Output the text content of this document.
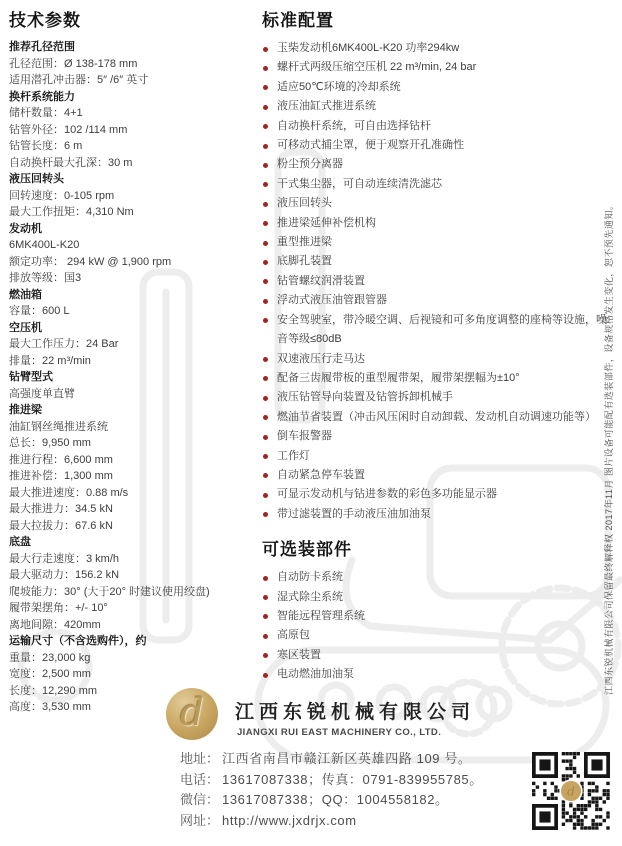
技术参数
推荐孔径范围
孔径范围：Ø 138-178 mm
适用潜孔冲击器：5″ /6″ 英寸
换杆系统能力
储杆数量：4+1
钻管外径：102 /114 mm
钻管长度：6 m
自动换杆最大孔深：30 m
液压回转头
回转速度：0-105 rpm
最大工作扭矩：4,310 Nm
发动机
6MK400L-K20
额定功率： 294 kW @ 1,900 rpm
排放等级：国3
燃油箱
容量：600 L
空压机
最大工作压力：24 Bar
排量：22 m³/min
钻臂型式
高强度单直臂
推进梁
油缸钢丝绳推进系统
总长：9,950 mm
推进行程：6,600 mm
推进补偿：1,300 mm
最大推进速度：0.88 m/s
最大推进力：34.5 kN
最大拉拔力：67.6 kN
底盘
最大行走速度：3 km/h
最大驱动力：156.2 kN
爬坡能力：30° (大于20° 时建议使用绞盘)
履带架摆角：+/- 10°
离地间隙：420mm
运输尺寸（不含选购件），约
重量：23,000 kg
宽度：2,500 mm
长度：12,290 mm
高度：3,530 mm
标准配置
玉柴发动机6MK400L-K20 功率294kw
螺杆式两级压缩空压机 22 m³/min, 24 bar
适应50℃环境的冷却系统
液压油缸式推进系统
自动换杆系统，可自由选择钻杆
可移动式捕尘罩，便于观察开孔准确性
粉尘预分离器
干式集尘器，可自动连续清洗滤芯
液压回转头
推进梁延伸补偿机构
重型推进梁
底脚孔装置
钻管螺纹润滑装置
浮动式液压油管跟管器
安全驾驶室，带冷暖空调、后视镜和可多角度调整的座椅等设施，噪音等级≤80dB
双速液压行走马达
配备三齿履带板的重型履带架，履带架摆幅为±10°
液压钻管导向装置及钻管拆卸机械手
燃油节省装置（冲击风压闲时自动卸载、发动机自动调速功能等）
倒车报警器
工作灯
自动紧急停车装置
可显示发动机与钻进参数的彩色多功能显示器
带过滤装置的手动液压油加油泵
可选装部件
自动防卡系统
湿式除尘系统
智能远程管理系统
高原包
寒区装置
电动燃油加油泵	江西东锐机械有限公司保留最终解释权 2017年11月 图片设备可能配有选装部件，设备规格发生变化，恕不预先通知。
d 江西东锐机械有限公司
JIANGXI RUI EAST MACHINERY CO., LTD.
地址： 江西省南昌市赣江新区英雄四路 109 号。
电话： 13617087338；传真：0791-839955785。
微信： 13617087338；QQ：1004558182。
网址： http://www.jxdrjx.com
d
